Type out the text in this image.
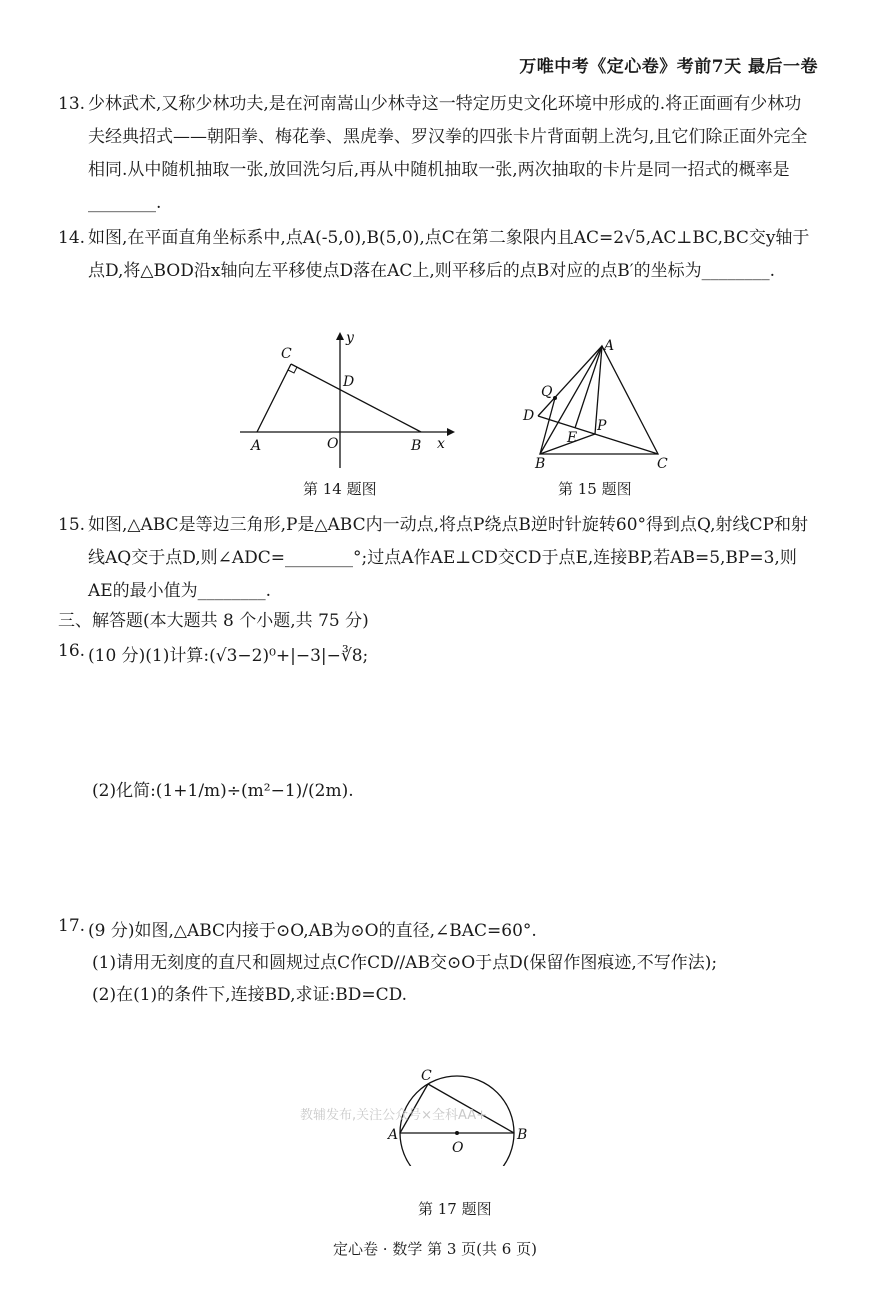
万唯中考《定心卷》考前7天 最后一卷
13. 少林武术,又称少林功夫,是在河南嵩山少林寺这一特定历史文化环境中形成的.将正面画有少林功夫经典招式——朝阳拳、梅花拳、黑虎拳、罗汉拳的四张卡片背面朝上洗匀,且它们除正面外完全相同.从中随机抽取一张,放回洗匀后,再从中随机抽取一张,两次抽取的卡片是同一招式的概率是________.
14. 如图,在平面直角坐标系中,点A(-5,0),B(5,0),点C在第二象限内且AC=2√5,AC⊥BC,BC交y轴于点D,将△BOD沿x轴向左平移使点D落在AC上,则平移后的点B对应的点B′的坐标为________.
C
D
y
A	O	B x
第 14 题图
A
Q
D
E
P
B	C
第 15 题图
15. 如图,△ABC是等边三角形,P是△ABC内一动点,将点P绕点B逆时针旋转60°得到点Q,射线CP和射线AQ交于点D,则∠ADC=________°;过点A作AE⊥CD交CD于点E,连接BP,若AB=5,BP=3,则AE的最小值为________.
三、解答题(本大题共 8 个小题,共 75 分)
16. (10 分)(1)计算:(√3−2)⁰+|−3|−∛8;
(2)化简:(1+1/m)÷(m²−1)/(2m).
17. (9 分)如图,△ABC内接于⊙O,AB为⊙O的直径,∠BAC=60°.
(1)请用无刻度的直尺和圆规过点C作CD//AB交⊙O于点D(保留作图痕迹,不写作法);
(2)在(1)的条件下,连接BD,求证:BD=CD.
C
A	B
O
教辅发布,关注公众号×全科AA+
第 17 题图
定心卷 · 数学 第 3 页(共 6 页)
